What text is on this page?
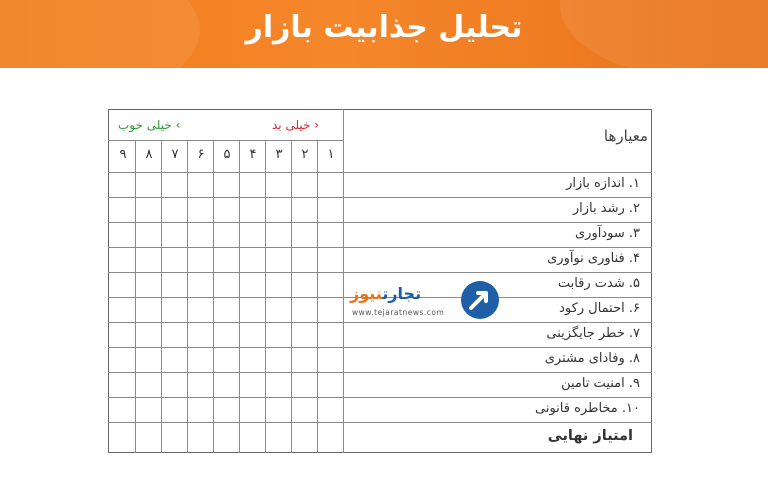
تحلیل جذابیت بازار
معیارها
‹ خیلی بد
› خیلی خوب
۱
۲
۳
۴
۵
۶
۷
۸
۹
۱. اندازه بازار
۲. رشد بازار
۳. سودآوری
۴. فناوری نوآوری
۵. شدت رقابت
۶. احتمال رکود
۷. خطر جایگزینی
۸. وفادای مشتری
۹. امنیت تامین
۱۰. مخاطره قانونی
امتیاز نهایی
تجارتنیوز
www.tejaratnews.com
